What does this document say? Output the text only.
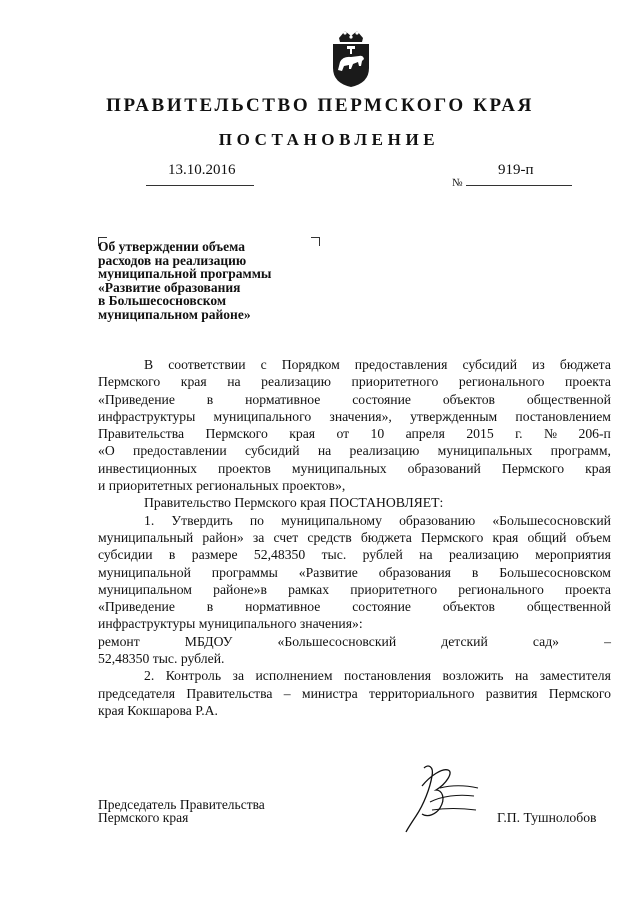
ПРАВИТЕЛЬСТВО ПЕРМСКОГО КРАЯ
ПОСТАНОВЛЕНИЕ
13.10.2016
№
919-п
Об утверждении объема
расходов на реализацию
муниципальной программы
«Развитие образования
в Большесосновском
муниципальном районе»
В соответствии с Порядком предоставления субсидий из бюджета
Пермского края на реализацию приоритетного регионального проекта
«Приведение в нормативное состояние объектов общественной
инфраструктуры муниципального значения», утвержденным постановлением
Правительства Пермского края от 10 апреля 2015 г. № 206-п
«О предоставлении субсидий на реализацию муниципальных программ,
инвестиционных проектов муниципальных образований Пермского края
и приоритетных региональных проектов»,
Правительство Пермского края ПОСТАНОВЛЯЕТ:
1. Утвердить по муниципальному образованию «Большесосновский
муниципальный район» за счет средств бюджета Пермского края общий объем
субсидии в размере 52,48350 тыс. рублей на реализацию мероприятия
муниципальной программы «Развитие образования в Большесосновском
муниципальном районе»в рамках приоритетного регионального проекта
«Приведение в нормативное состояние объектов общественной
инфраструктуры муниципального значения»:
ремонт	МБДОУ	«Большесосновский	детский	сад»	–
52,48350 тыс. рублей.
2. Контроль за исполнением постановления возложить на заместителя
председателя Правительства – министра территориального развития Пермского
края Кокшарова Р.А.
Председатель Правительства
Пермского края	Г.П. Тушнолобов
